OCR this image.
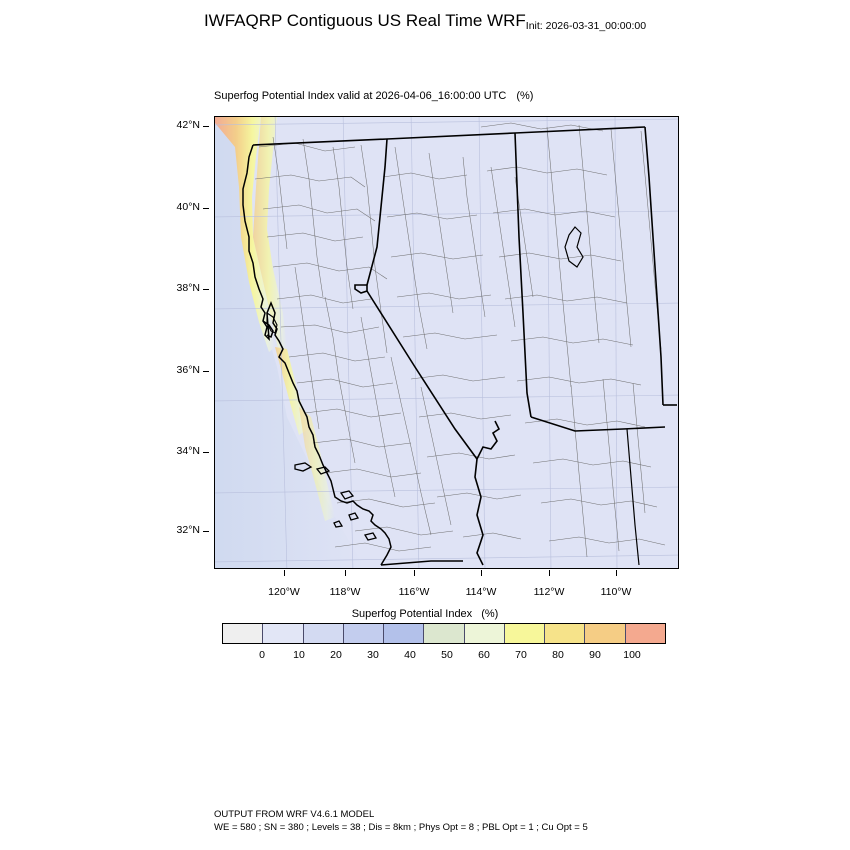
IWFAQRP Contiguous US Real Time WRFInit: 2026-03-31_00:00:00
Superfog Potential Index valid at 2026-04-06_16:00:00 UTC (%)
42°N
40°N
38°N
36°N
34°N
32°N
120°W	118°W	116°W	114°W	112°W	110°W
Superfog Potential Index (%)
0	10 20 30 40 50 60 70 80 90 100
OUTPUT FROM WRF V4.6.1 MODEL
WE = 580 ; SN = 380 ; Levels = 38 ; Dis = 8km ; Phys Opt = 8 ; PBL Opt = 1 ; Cu Opt = 5
